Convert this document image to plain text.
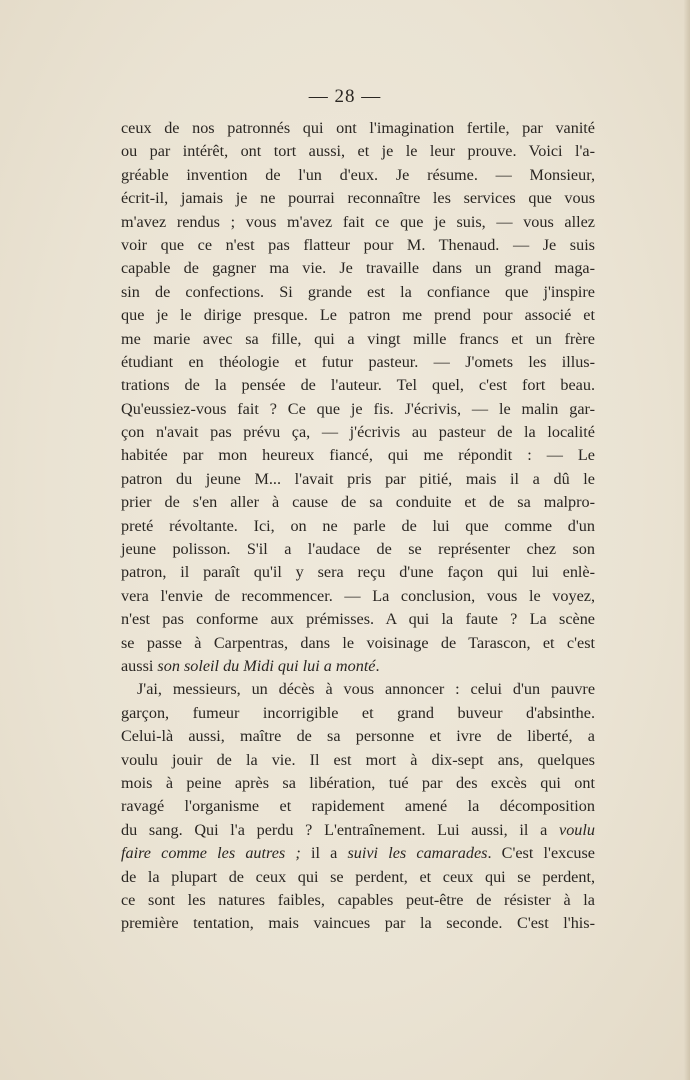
— 28 —
ceux de nos patronnés qui ont l'imagination fertile, par vanité
ou par intérêt, ont tort aussi, et je le leur prouve. Voici l'a-
gréable invention de l'un d'eux. Je résume. — Monsieur,
écrit-il, jamais je ne pourrai reconnaître les services que vous
m'avez rendus ; vous m'avez fait ce que je suis, — vous allez
voir que ce n'est pas flatteur pour M. Thenaud. — Je suis
capable de gagner ma vie. Je travaille dans un grand maga-
sin de confections. Si grande est la confiance que j'inspire
que je le dirige presque. Le patron me prend pour associé et
me marie avec sa fille, qui a vingt mille francs et un frère
étudiant en théologie et futur pasteur. — J'omets les illus-
trations de la pensée de l'auteur. Tel quel, c'est fort beau.
Qu'eussiez-vous fait ? Ce que je fis. J'écrivis, — le malin gar-
çon n'avait pas prévu ça, — j'écrivis au pasteur de la localité
habitée par mon heureux fiancé, qui me répondit : — Le
patron du jeune M... l'avait pris par pitié, mais il a dû le
prier de s'en aller à cause de sa conduite et de sa malpro-
preté révoltante. Ici, on ne parle de lui que comme d'un
jeune polisson. S'il a l'audace de se représenter chez son
patron, il paraît qu'il y sera reçu d'une façon qui lui enlè-
vera l'envie de recommencer. — La conclusion, vous le voyez,
n'est pas conforme aux prémisses. A qui la faute ? La scène
se passe à Carpentras, dans le voisinage de Tarascon, et c'est
aussi son soleil du Midi qui lui a monté.
J'ai, messieurs, un décès à vous annoncer : celui d'un pauvre
garçon, fumeur incorrigible et grand buveur d'absinthe.
Celui-là aussi, maître de sa personne et ivre de liberté, a
voulu jouir de la vie. Il est mort à dix-sept ans, quelques
mois à peine après sa libération, tué par des excès qui ont
ravagé l'organisme et rapidement amené la décomposition
du sang. Qui l'a perdu ? L'entraînement. Lui aussi, il a voulu
faire comme les autres ; il a suivi les camarades. C'est l'excuse
de la plupart de ceux qui se perdent, et ceux qui se perdent,
ce sont les natures faibles, capables peut-être de résister à la
première tentation, mais vaincues par la seconde. C'est l'his-
